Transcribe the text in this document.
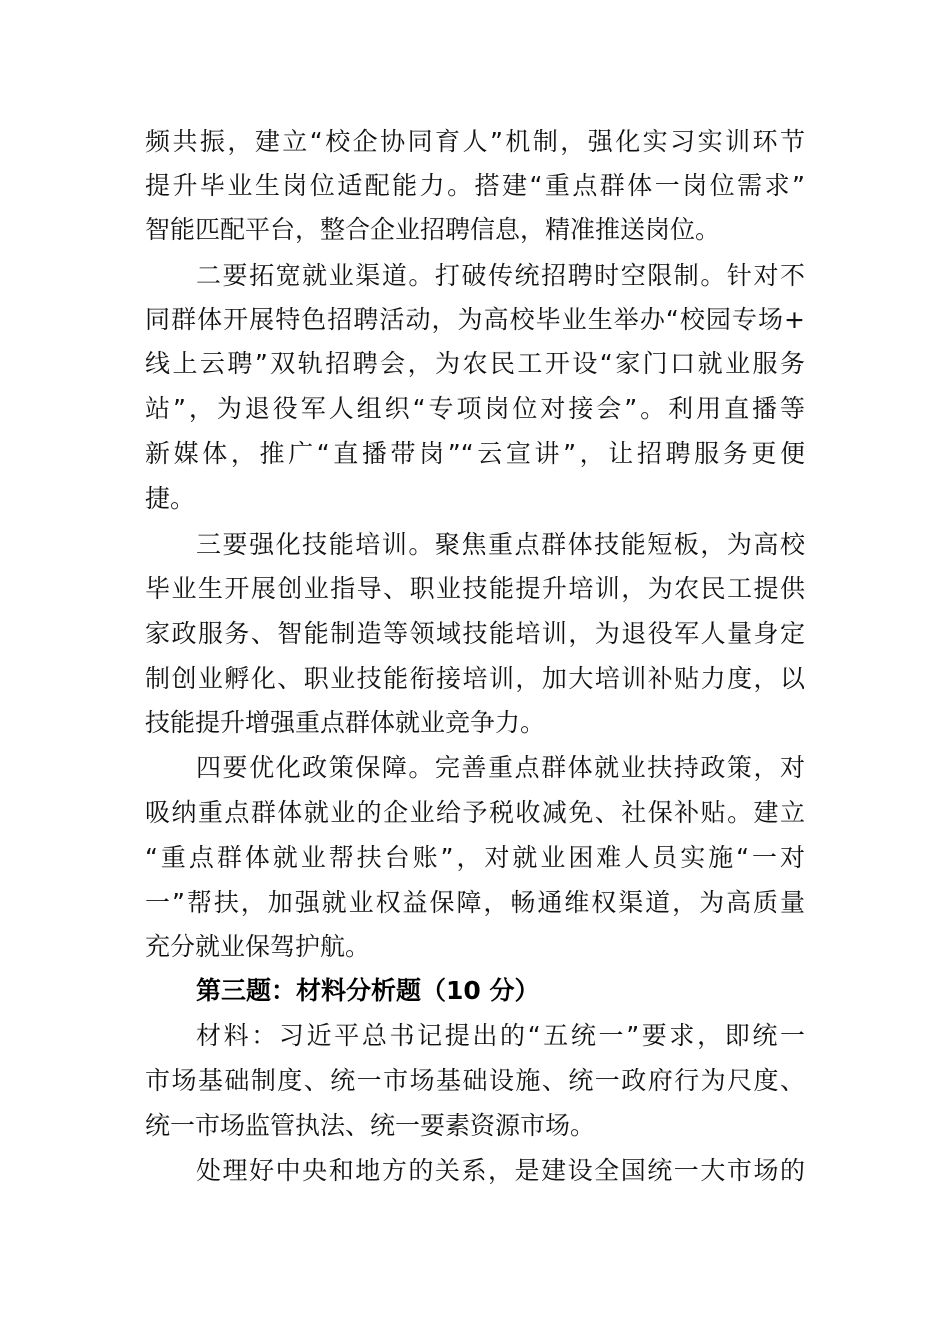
频共振，建立“校企协同育人”机制，强化实习实训环节
提升毕业生岗位适配能力。搭建“重点群体一岗位需求”
智能匹配平台，整合企业招聘信息，精准推送岗位。
二要拓宽就业渠道。打破传统招聘时空限制。针对不
同群体开展特色招聘活动，为高校毕业生举办“校园专场+
线上云聘”双轨招聘会，为农民工开设“家门口就业服务
站”，为退役军人组织“专项岗位对接会”。利用直播等
新媒体，推广“直播带岗”“云宣讲”，让招聘服务更便
捷。
三要强化技能培训。聚焦重点群体技能短板，为高校
毕业生开展创业指导、职业技能提升培训，为农民工提供
家政服务、智能制造等领域技能培训，为退役军人量身定
制创业孵化、职业技能衔接培训，加大培训补贴力度，以
技能提升增强重点群体就业竞争力。
四要优化政策保障。完善重点群体就业扶持政策，对
吸纳重点群体就业的企业给予税收减免、社保补贴。建立
“重点群体就业帮扶台账”，对就业困难人员实施“一对
一”帮扶，加强就业权益保障，畅通维权渠道，为高质量
充分就业保驾护航。
第三题：材料分析题（10 分）
材料：习近平总书记提出的“五统一”要求，即统一
市场基础制度、统一市场基础设施、统一政府行为尺度、
统一市场监管执法、统一要素资源市场。
处理好中央和地方的关系，是建设全国统一大市场的
